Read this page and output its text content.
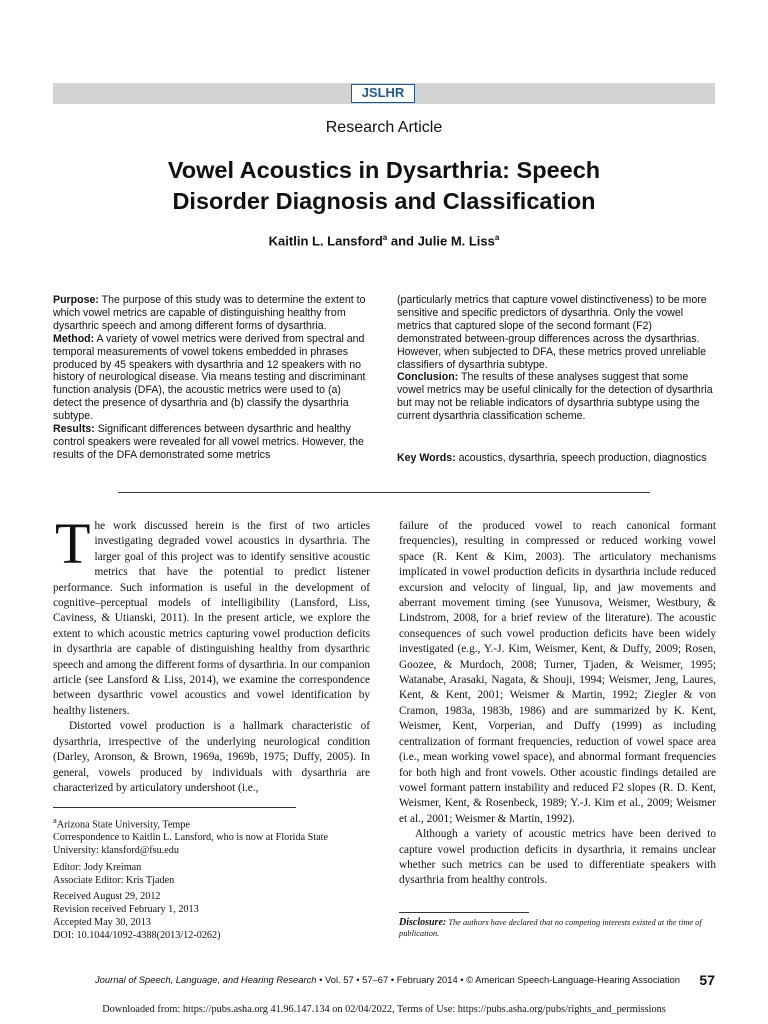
JSLHR
Research Article
Vowel Acoustics in Dysarthria: Speech
Disorder Diagnosis and Classification
Kaitlin L. Lansford$^a$ and Julie M. Liss$^a$

Purpose: The purpose of this study was to determine the extent to which vowel metrics are capable of distinguishing healthy from dysarthric speech and among different forms of dysarthria.

Method: A variety of vowel metrics were derived from spectral and temporal measurements of vowel tokens embedded in phrases produced by 45 speakers with dysarthria and 12 speakers with no history of neurological disease. Via means testing and discriminant function analysis (DFA), the acoustic metrics were used to (a) detect the presence of dysarthria and (b) classify the dysarthria subtype.

Results: Significant differences between dysarthric and healthy control speakers were revealed for all vowel metrics. However, the results of the DFA demonstrated some metrics

(particularly metrics that capture vowel distinctiveness) to be more sensitive and specific predictors of dysarthria. Only the vowel metrics that captured slope of the second formant (F2) demonstrated between-group differences across the dysarthrias. However, when subjected to DFA, these metrics proved unreliable classifiers of dysarthria subtype.

Conclusion: The results of these analyses suggest that some vowel metrics may be useful clinically for the detection of dysarthria but may not be reliable indicators of dysarthria subtype using the current dysarthria classification scheme.

Key Words: acoustics, dysarthria, speech production, diagnostics

The work discussed herein is the first of two articles investigating degraded vowel acoustics in dysarthria. The larger goal of this project was to identify sensitive acoustic metrics that have the potential to predict listener performance. Such information is useful in the development of cognitive–perceptual models of intelligibility (Lansford, Liss, Caviness, & Utianski, 2011). In the present article, we explore the extent to which acoustic metrics capturing vowel production deficits in dysarthria are capable of distinguishing healthy from dysarthric speech and among the different forms of dysarthria. In our companion article (see Lansford & Liss, 2014), we examine the correspondence between dysarthric vowel acoustics and vowel identification by healthy listeners.

Distorted vowel production is a hallmark characteristic of dysarthria, irrespective of the underlying neurological condition (Darley, Aronson, & Brown, 1969a, 1969b, 1975; Duffy, 2005). In general, vowels produced by individuals with dysarthria are characterized by articulatory undershoot (i.e.,

failure of the produced vowel to reach canonical formant frequencies), resulting in compressed or reduced working vowel space (R. Kent & Kim, 2003). The articulatory mechanisms implicated in vowel production deficits in dysarthria include reduced excursion and velocity of lingual, lip, and jaw movements and aberrant movement timing (see Yunusova, Weismer, Westbury, & Lindstrom, 2008, for a brief review of the literature). The acoustic consequences of such vowel production deficits have been widely investigated (e.g., Y.-J. Kim, Weismer, Kent, & Duffy, 2009; Rosen, Goozee, & Murdoch, 2008; Turner, Tjaden, & Weismer, 1995; Watanabe, Arasaki, Nagata, & Shouji, 1994; Weismer, Jeng, Laures, Kent, & Kent, 2001; Weismer & Martin, 1992; Ziegler & von Cramon, 1983a, 1983b, 1986) and are summarized by K. Kent, Weismer, Kent, Vorperian, and Duffy (1999) as including centralization of formant frequencies, reduction of vowel space area (i.e., mean working vowel space), and abnormal formant frequencies for both high and front vowels. Other acoustic findings detailed are vowel formant pattern instability and reduced F2 slopes (R. D. Kent, Weismer, Kent, & Rosenbeck, 1989; Y.-J. Kim et al., 2009; Weismer et al., 2001; Weismer & Martin, 1992).

Although a variety of acoustic metrics have been derived to capture vowel production deficits in dysarthria, it remains unclear whether such metrics can be used to differentiate speakers with dysarthria from healthy controls.

$^a$Arizona State University, Tempe

Correspondence to Kaitlin L. Lansford, who is now at Florida State University: klansford@fsu.edu

Editor: Jody Kreiman

Associate Editor: Kris Tjaden

Received August 29, 2012

Revision received February 1, 2013

Accepted May 30, 2013

DOI: 10.1044/1092-4388(2013/12-0262)

Disclosure: The authors have declared that no competing interests existed at the time of publication.
Journal of Speech, Language, and Hearing Research • Vol. 57 • 57–67 • February 2014 • © American Speech-Language-Hearing Association 57
Downloaded from: https://pubs.asha.org 41.96.147.134 on 02/04/2022, Terms of Use: https://pubs.asha.org/pubs/rights_and_permissions
